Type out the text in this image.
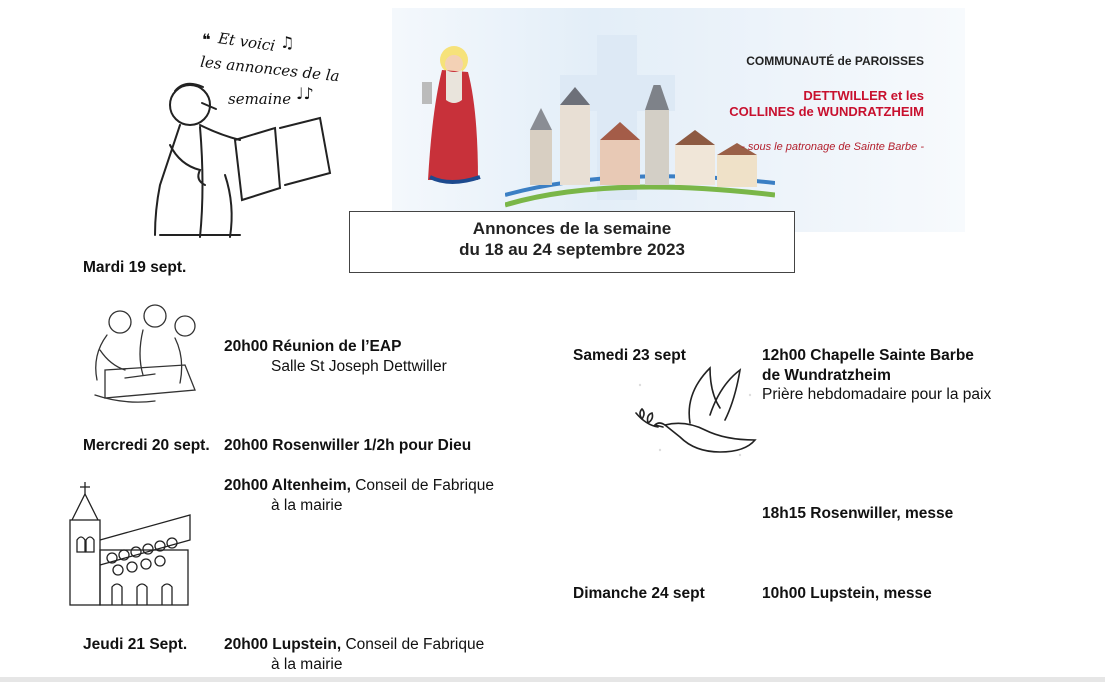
Et voici ♫
❝
les annonces de la
semaine ♩♪
COMMUNAUTÉ de PAROISSES
DETTWILLER et les
COLLINES de WUNDRATZHEIM
- sous le patronage de Sainte Barbe -
Annonces de la semaine
du 18 au 24 septembre 2023
Mardi 19 sept.
20h00 Réunion de l’EAP
Salle St Joseph Dettwiller
Mercredi 20 sept. 20h00 Rosenwiller 1/2h pour Dieu
20h00 Altenheim, Conseil de Fabrique
à la mairie
Jeudi 21 Sept. 20h00 Lupstein, Conseil de Fabrique
à la mairie
Samedi 23 sept	12h00 Chapelle Sainte Barbe
de Wundratzheim
Prière hebdomadaire pour la paix
18h15 Rosenwiller, messe
Dimanche 24 sept	10h00 Lupstein, messe
